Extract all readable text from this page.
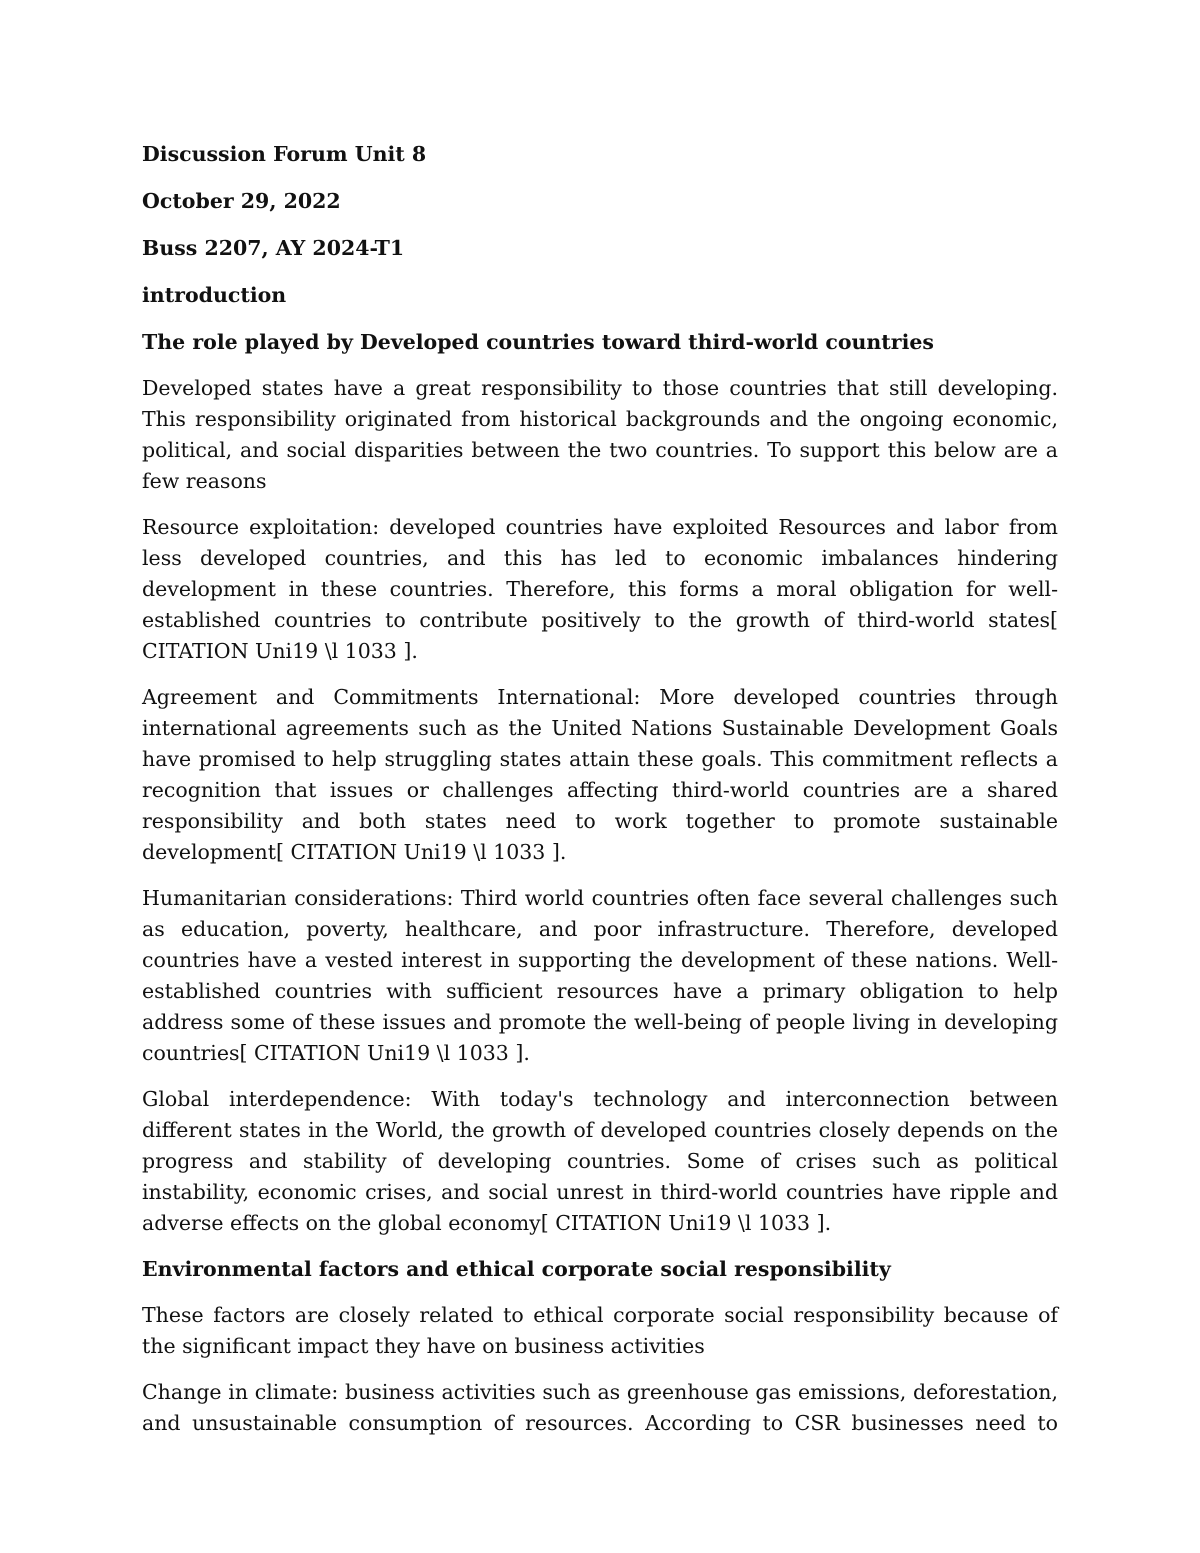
Discussion Forum Unit 8
October 29, 2022
Buss 2207, AY 2024-T1
introduction
The role played by Developed countries toward third-world countries

Developed states have a great responsibility to those countries that still developing. This responsibility originated from historical backgrounds and the ongoing economic, political, and social disparities between the two countries. To support this below are a few reasons

Resource exploitation: developed countries have exploited Resources and labor from less developed countries, and this has led to economic imbalances hindering development in these countries. Therefore, this forms a moral obligation for well-established countries to contribute positively to the growth of third-world states[ CITATION Uni19 \l 1033 ].

Agreement and Commitments International: More developed countries through international agreements such as the United Nations Sustainable Development Goals have promised to help struggling states attain these goals. This commitment reflects a recognition that issues or challenges affecting third-world countries are a shared responsibility and both states need to work together to promote sustainable development[ CITATION Uni19 \l 1033 ].

Humanitarian considerations: Third world countries often face several challenges such as education, poverty, healthcare, and poor infrastructure. Therefore, developed countries have a vested interest in supporting the development of these nations. Well-established countries with sufficient resources have a primary obligation to help address some of these issues and promote the well-being of people living in developing countries[ CITATION Uni19 \l 1033 ].

Global interdependence: With today's technology and interconnection between different states in the World, the growth of developed countries closely depends on the progress and stability of developing countries. Some of crises such as political instability, economic crises, and social unrest in third-world countries have ripple and adverse effects on the global economy[ CITATION Uni19 \l 1033 ].

Environmental factors and ethical corporate social responsibility

These factors are closely related to ethical corporate social responsibility because of the significant impact they have on business activities

Change in climate: business activities such as greenhouse gas emissions, deforestation, and unsustainable consumption of resources. According to CSR businesses need to
